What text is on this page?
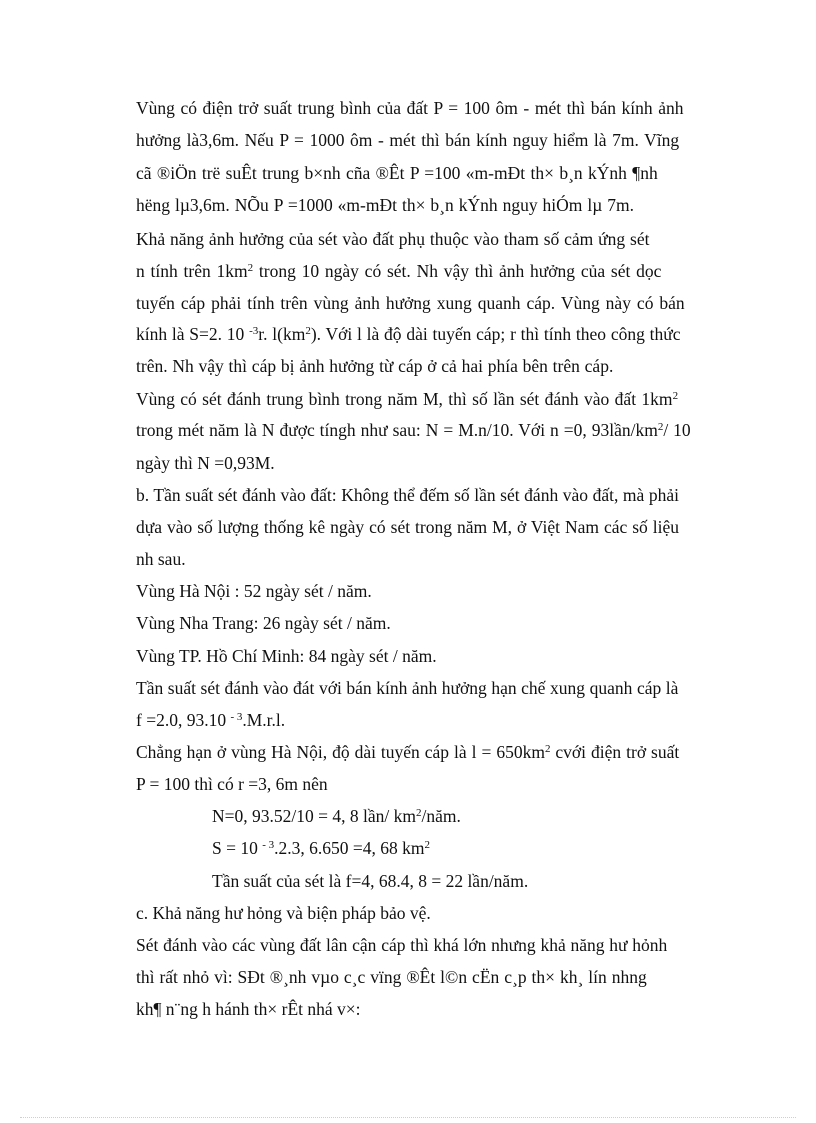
Vùng có điện trở suất trung bình của đất P = 100 ôm - mét thì bán kính ảnh
hưởng là3,6m. Nếu P = 1000 ôm - mét thì bán kính nguy hiểm là 7m. Vĩng
cã ®iÖn trë suÊt trung b×nh cña ®Êt P =100 «m-mÐt th× b¸n kÝnh ¶nh
hëng lµ3,6m. NÕu P =1000 «m-mÐt th× b¸n kÝnh nguy hiÓm lµ 7m.
Khả năng ảnh hưởng của sét vào đất phụ thuộc vào tham số cảm ứng sét
n tính trên $1km^2$ trong 10 ngày có sét. Nh vậy thì ảnh hưởng của sét dọc
tuyến cáp phải tính trên vùng ảnh hưởng xung quanh cáp. Vùng này có bán
kính là S=2. 10 $^{-3}$r. $l(km^2)$. Với l là độ dài tuyến cáp; r thì tính theo công thức
trên. Nh vậy thì cáp bị ảnh hưởng từ cáp ở cả hai phía bên trên cáp.
Vùng có sét đánh trung bình trong năm M, thì số lần sét đánh vào đất $1km^2$
trong mét năm là N được tíngh như sau: N = M.n/10. Với n =0, $93lần/km^2/$ 10
ngày thì N =0,93M.
b. Tần suất sét đánh vào đất: Không thể đếm số lần sét đánh vào đất, mà phải
dựa vào số lượng thống kê ngày có sét trong năm M, ở Việt Nam các số liệu
nh sau.
Vùng Hà Nội : 52 ngày sét / năm.
Vùng Nha Trang: 26 ngày sét / năm.
Vùng TP. Hồ Chí Minh: 84 ngày sét / năm.
Tần suất sét đánh vào đát với bán kính ảnh hưởng hạn chế xung quanh cáp là
f =2.0, 93.10 $^{- 3}$.M.r.l.
Chẳng hạn ở vùng Hà Nội, độ dài tuyến cáp là $l = 650km^2$ cvới điện trở suất
P = 100 thì có r =3, 6m nên
N=0, 93.52/10 = 4, 8 lần/ $km^2$/năm.
S = 10 $^{- 3}$.2.3, 6.650 =4, 68 $km^2$
Tần suất của sét là f=4, 68.4, 8 = 22 lần/năm.
c. Khả năng hư hỏng và biện pháp bảo vệ.
Sét đánh vào các vùng đất lân cận cáp thì khá lớn nhưng khả năng hư hỏnh
thì rất nhỏ vì: SÐt ®¸nh vµo c¸c vïng ®Êt l©n cËn c¸p th× kh¸ lín nhng
kh¶ n¨ng h hánh th× rÊt nhá v×:
